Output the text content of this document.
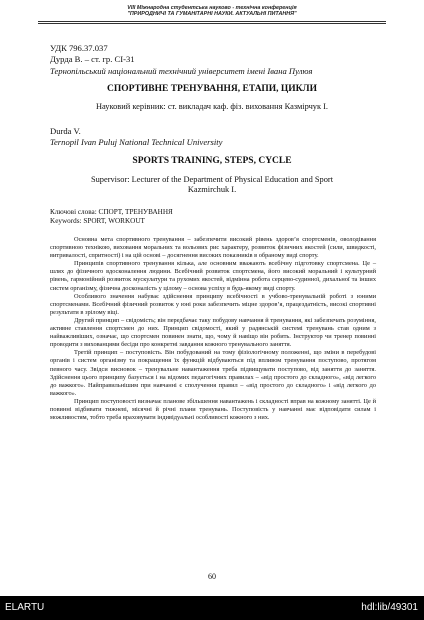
VIII Міжнародна студентська науково - технічна конференція
"ПРИРОДНИЧІ ТА ГУМАНІТАРНІ НАУКИ. АКТУАЛЬНІ ПИТАННЯ"
УДК 796.37.037
Дурда В. – ст. гр. СІ-31
Тернопільський національний технічний університет імені Івана Пулюя
СПОРТИВНЕ ТРЕНУВАННЯ, ЕТАПИ, ЦИКЛИ
Науковий керівник: ст. викладач каф. фіз. виховання Казмірчук І.
Durda V.
Ternopil Ivan Puluj National Technical University
SPORTS TRAINING, STEPS, CYCLE
Supervisor: Lecturer of the Department of Physical Education and Sport
Kazmirchuk I.
Ключові слова: СПОРТ, ТРЕНУВАННЯ
Keywords: SPORT, WORKOUT

Основна мета спортивного тренування – забезпечити високий рівень здоров’я спортсменів, оволодівання спортивною технікою, виховання моральних та вольових рис характеру, розвиток фізичних якостей (сили, швидкості, витривалості, спритності) і на цій основі – досягнення високих показників в обраному виді спорту.

Принципів спортивного тренування кілька, але основним вважають всебічну підготовку спортсмена. Це – шлях до фізичного вдосконалення людини. Всебічний розвиток спортсмена, його високий моральний і культурний рівень, гармонійний розвиток мускулатури та рухомих якостей, відмінна робота серцево-судинної, дихальної та інших систем організму, фізична досконалість у цілому – основа успіху в будь-якому виді спорту.

Особливого значення набуває здійснення принципу всебічності в учбово-тренувальній роботі з юними спортсменами. Всебічний фізичний розвиток у юні роки забезпечить міцне здоров’я, працездатність, високі спортивні результати в зрілому віці.

Другий принцип – свідомість; він передбачає таку побудову навчання й тренування, які забезпечать розуміння, активне ставлення спортсмен до них. Принцип свідомості, який у радянській системі тренувань став одним з найважливіших, означає, що спортсмен повинен знати, що, чому й навіщо він робить. Інструктор чи тренер повинні проводити з вихованцями бесіди про конкретні завдання кожного тренувального заняття.

Третій принцип – поступовість. Він побудований на тому фізіологічному положенні, що зміни в перебудові органів і систем організму та покращення їх функцій відбуваються під впливом тренування поступово, протягом певного часу. Звідси висновок – тренувальне навантаження треба підвищувати поступово, від заняття до заняття. Здійснення цього принципу базується і на відомих педагогічних правилах – «від простого до складного», «від легкого до важкого». Найправильнішим при навчанні є сполучення правил – «від простого до складного» і «від легкого до важкого».

Принцип поступовості визначає планове збільшення навантажень і складності вправ на кожному занятті. Це й повинні відбивати тижневі, місячні й річні плани тренувань. Поступовість у навчанні має відповідати силам і можливостям, тобто треба враховувати індивідуальні особливості кожного з них.

60
ELARTU	hdl:lib/49301
